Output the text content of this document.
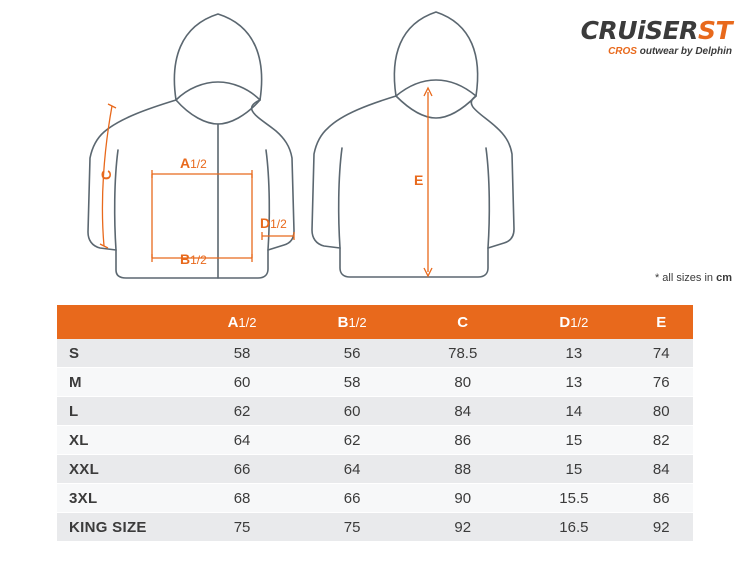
CRUiSERST
CROS outwear by Delphin
C
A1/2
B1/2
D1/2
E
* all sizes in cm
	A1/2	B1/2	C	D1/2	E
S	58	56	78.5	13	74
M	60	58	80	13	76
L	62	60	84	14	80
XL	64	62	86	15	82
XXL	66	64	88	15	84
3XL	68	66	90	15.5	86
KING SIZE	75	75	92	16.5	92
